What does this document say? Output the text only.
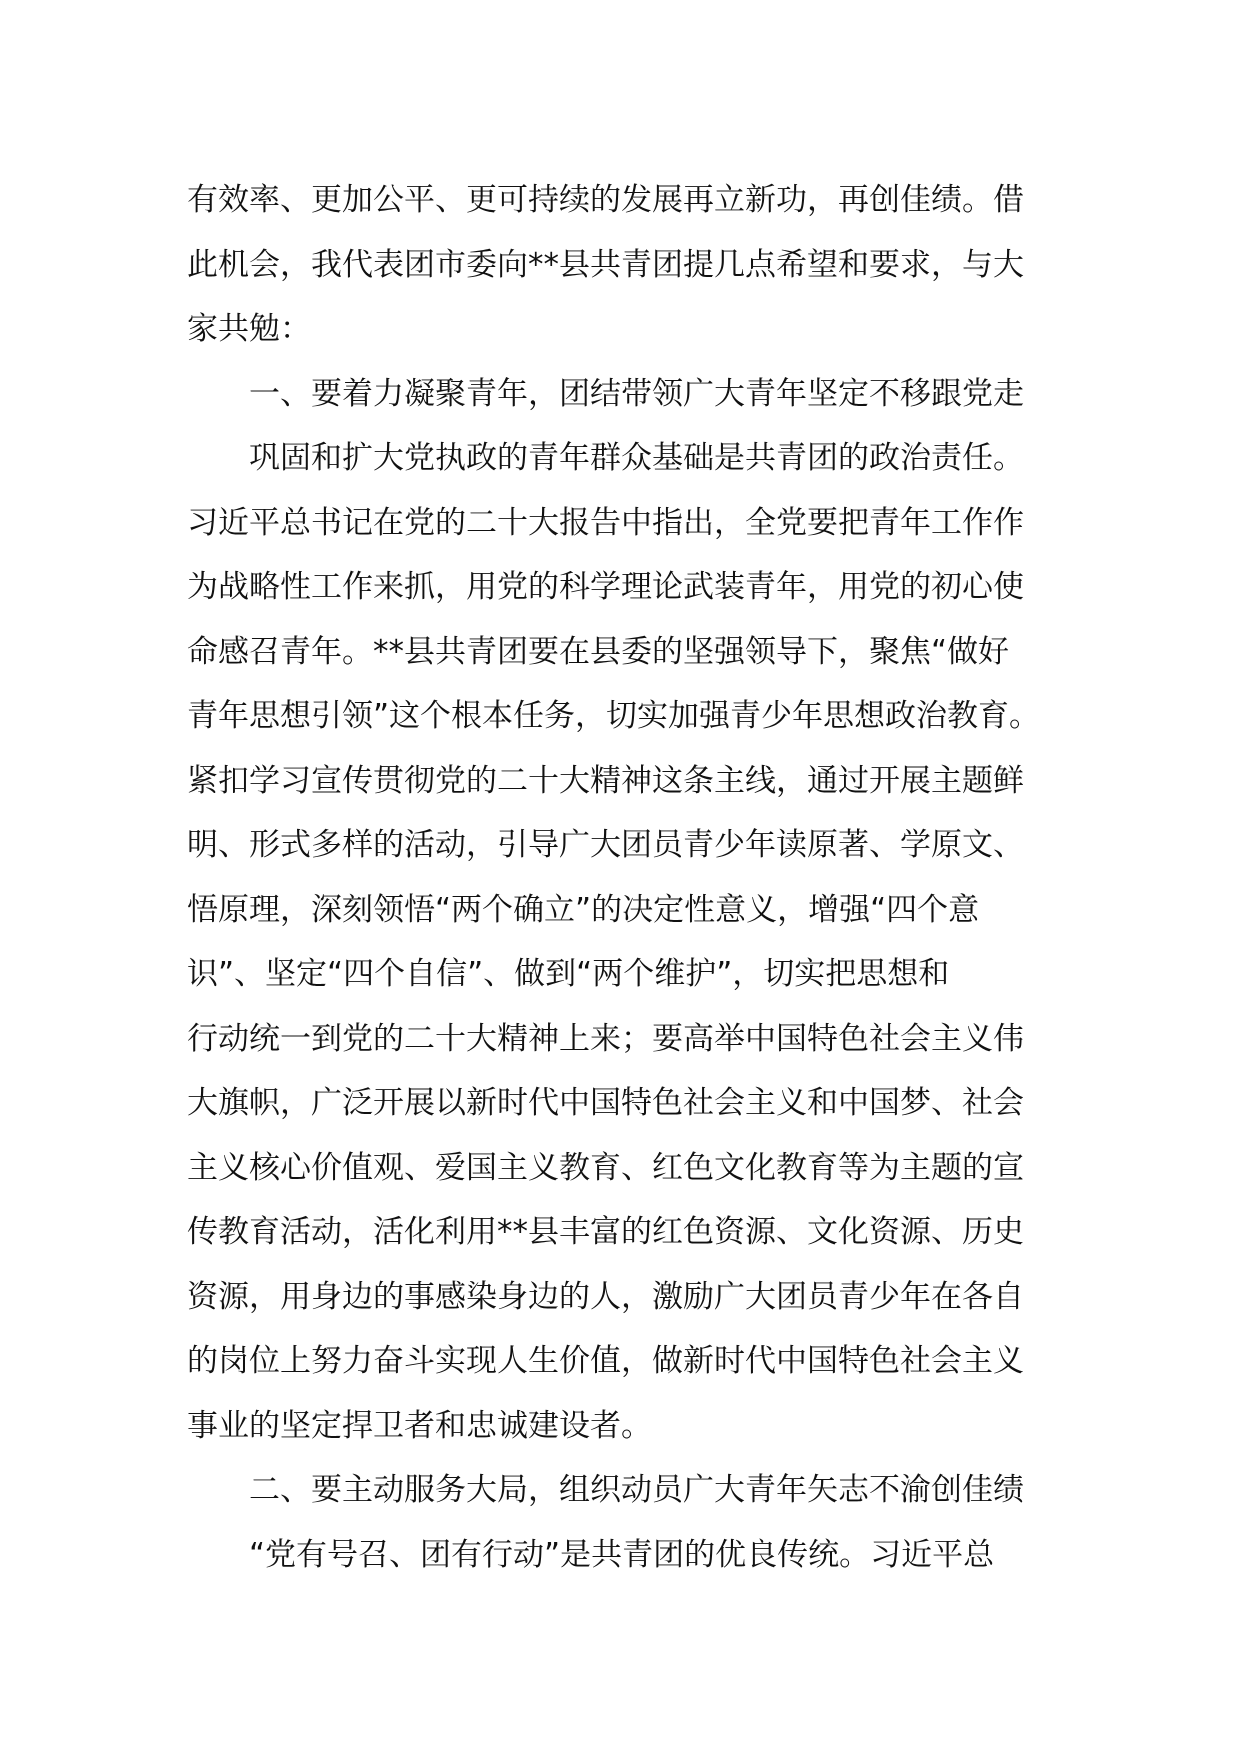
有效率、更加公平、更可持续的发展再立新功，再创佳绩。借
此机会，我代表团市委向**县共青团提几点希望和要求，与大
家共勉：
一、要着力凝聚青年，团结带领广大青年坚定不移跟党走
巩固和扩大党执政的青年群众基础是共青团的政治责任。
习近平总书记在党的二十大报告中指出，全党要把青年工作作
为战略性工作来抓，用党的科学理论武装青年，用党的初心使
命感召青年。**县共青团要在县委的坚强领导下，聚焦“做好
青年思想引领”这个根本任务，切实加强青少年思想政治教育。
紧扣学习宣传贯彻党的二十大精神这条主线，通过开展主题鲜
明、形式多样的活动，引导广大团员青少年读原著、学原文、
悟原理，深刻领悟“两个确立”的决定性意义，增强“四个意
识”、坚定“四个自信”、做到“两个维护”，切实把思想和
行动统一到党的二十大精神上来；要高举中国特色社会主义伟
大旗帜，广泛开展以新时代中国特色社会主义和中国梦、社会
主义核心价值观、爱国主义教育、红色文化教育等为主题的宣
传教育活动，活化利用**县丰富的红色资源、文化资源、历史
资源，用身边的事感染身边的人，激励广大团员青少年在各自
的岗位上努力奋斗实现人生价值，做新时代中国特色社会主义
事业的坚定捍卫者和忠诚建设者。
二、要主动服务大局，组织动员广大青年矢志不渝创佳绩
“党有号召、团有行动”是共青团的优良传统。习近平总
